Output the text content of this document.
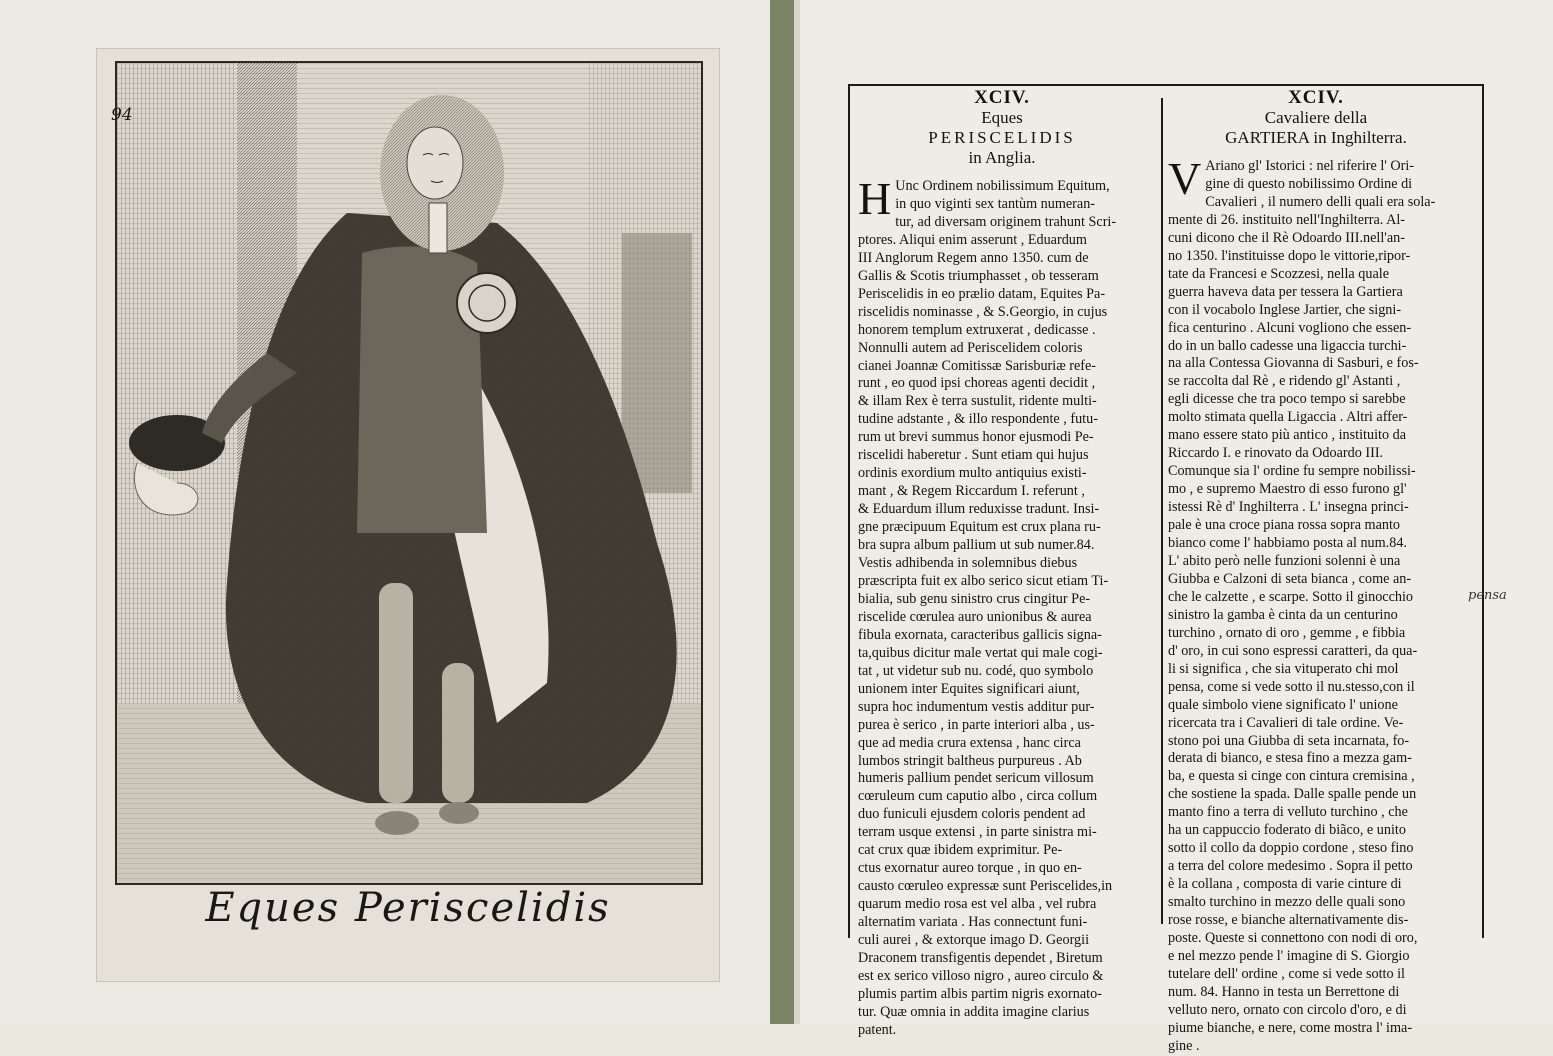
94
Eques Periscelidis
XCIV.
Eques
PERISCELIDIS
in Anglia.
H Unc Ordinem nobilissimum Equitum,
in quo viginti sex tantùm numeran-
tur, ad diversam originem trahunt Scri-
ptores. Aliqui enim asserunt , Eduardum
III Anglorum Regem anno 1350. cum de
Gallis & Scotis triumphasset , ob tesseram
Periscelidis in eo prælio datam, Equites Pa-
riscelidis nominasse , & S.Georgio, in cujus
honorem templum extruxerat , dedicasse .
Nonnulli autem ad Periscelidem coloris
cianei Joannæ Comitissæ Sarisburiæ refe-
runt , eo quod ipsi choreas agenti decidit ,
& illam Rex è terra sustulit, ridente multi-
tudine adstante , & illo respondente , futu-
rum ut brevi summus honor ejusmodi Pe-
riscelidi haberetur . Sunt etiam qui hujus
ordinis exordium multo antiquius existi-
mant , & Regem Riccardum I. referunt ,
& Eduardum illum reduxisse tradunt. Insi-
gne præcipuum Equitum est crux plana ru-
bra supra album pallium ut sub numer.84.
Vestis adhibenda in solemnibus diebus
præscripta fuit ex albo serico sicut etiam Ti-
bialia, sub genu sinistro crus cingitur Pe-
riscelide cœrulea auro unionibus & aurea
fibula exornata, caracteribus gallicis signa-
ta,quibus dicitur male vertat qui male cogi-
tat , ut videtur sub nu. codé, quo symbolo
unionem inter Equites significari aiunt,
supra hoc indumentum vestis additur pur-
purea è serico , in parte interiori alba , us-
que ad media crura extensa , hanc circa
lumbos stringit baltheus purpureus . Ab
humeris pallium pendet sericum villosum
cœruleum cum caputio albo , circa collum
duo funiculi ejusdem coloris pendent ad
terram usque extensi , in parte sinistra mi-
cat crux quæ ibidem exprimitur. Pe-
ctus exornatur aureo torque , in quo en-
causto cœruleo expressæ sunt Periscelides,in
quarum medio rosa est vel alba , vel rubra
alternatim variata . Has connectunt funi-
culi aurei , & extorque imago D. Georgii
Draconem transfigentis dependet , Biretum
est ex serico villoso nigro , aureo circulo &
plumis partim albis partim nigris exornato-
tur. Quæ omnia in addita imagine clarius
patent.
XCIV.
Cavaliere della
GARTIERA in Inghilterra.
V Ariano gl' Istorici : nel riferire l' Ori-
gine di questo nobilissimo Ordine di
Cavalieri , il numero delli quali era sola-
mente di 26. instituito nell'Inghilterra. Al-
cuni dicono che il Rè Odoardo III.nell'an-
no 1350. l'instituisse dopo le vittorie,ripor-
tate da Francesi e Scozzesi, nella quale
guerra haveva data per tessera la Gartiera
con il vocabolo Inglese Jartier, che signi-
fica centurino . Alcuni vogliono che essen-
do in un ballo cadesse una ligaccia turchi-
na alla Contessa Giovanna di Sasburi, e fos-
se raccolta dal Rè , e ridendo gl' Astanti ,
egli dicesse che tra poco tempo si sarebbe
molto stimata quella Ligaccia . Altri affer-
mano essere stato più antico , instituito da
Riccardo I. e rinovato da Odoardo III.
Comunque sia l' ordine fu sempre nobilissi-
mo , e supremo Maestro di esso furono gl'
istessi Rè d' Inghilterra . L' insegna princi-
pale è una croce piana rossa sopra manto
bianco come l' habbiamo posta al num.84.
L' abito però nelle funzioni solenni è una
Giubba e Calzoni di seta bianca , come an-
che le calzette , e scarpe. Sotto il ginocchio
sinistro la gamba è cinta da un centurino
turchino , ornato di oro , gemme , e fibbia
d' oro, in cui sono espressi caratteri, da qua-
li si significa , che sia vituperato chi mol
pensa, come si vede sotto il nu.stesso,con il
quale simbolo viene significato l' unione
ricercata tra i Cavalieri di tale ordine. Ve-
stono poi una Giubba di seta incarnata, fo-
derata di bianco, e stesa fino a mezza gam-
ba, e questa si cinge con cintura cremisina ,
che sostiene la spada. Dalle spalle pende un
manto fino a terra di velluto turchino , che
ha un cappuccio foderato di biãco, e unito
sotto il collo da doppio cordone , steso fino
a terra del colore medesimo . Sopra il petto
è la collana , composta di varie cinture di
smalto turchino in mezzo delle quali sono
rose rosse, e bianche alternativamente dis-
poste. Queste si connettono con nodi di oro,
e nel mezzo pende l' imagine di S. Giorgio
tutelare dell' ordine , come si vede sotto il
num. 84. Hanno in testa un Berrettone di
velluto nero, ornato con circolo d'oro, e di
piume bianche, e nere, come mostra l' ima-
gine .
pensa
